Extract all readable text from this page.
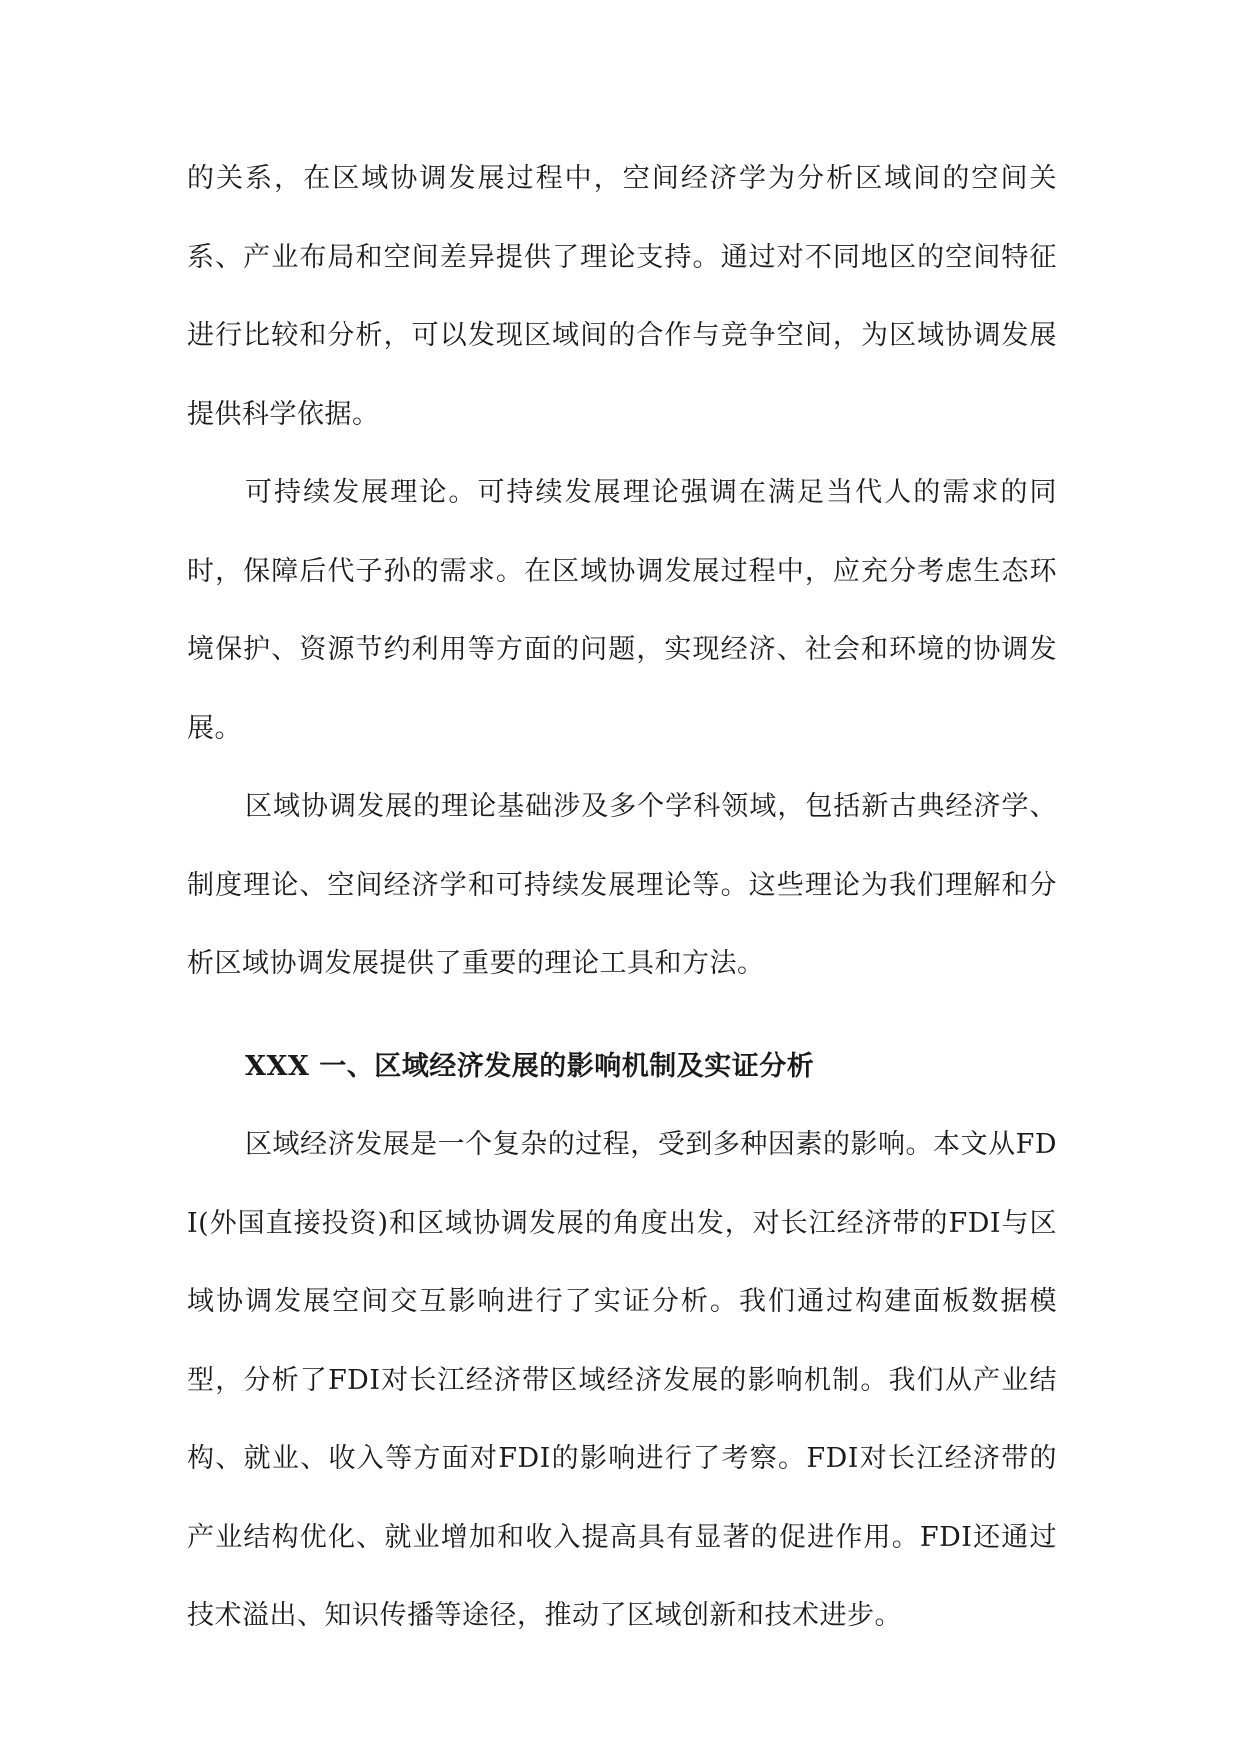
的关系，在区域协调发展过程中，空间经济学为分析区域间的空间关系、产业布局和空间差异提供了理论支持。通过对不同地区的空间特征进行比较和分析，可以发现区域间的合作与竞争空间，为区域协调发展提供科学依据。

可持续发展理论。可持续发展理论强调在满足当代人的需求的同时，保障后代子孙的需求。在区域协调发展过程中，应充分考虑生态环境保护、资源节约利用等方面的问题，实现经济、社会和环境的协调发展。

区域协调发展的理论基础涉及多个学科领域，包括新古典经济学、制度理论、空间经济学和可持续发展理论等。这些理论为我们理解和分析区域协调发展提供了重要的理论工具和方法。

XXX 一、区域经济发展的影响机制及实证分析

区域经济发展是一个复杂的过程，受到多种因素的影响。本文从FDI(外国直接投资)和区域协调发展的角度出发，对长江经济带的FDI与区域协调发展空间交互影响进行了实证分析。我们通过构建面板数据模型，分析了FDI对长江经济带区域经济发展的影响机制。我们从产业结构、就业、收入等方面对FDI的影响进行了考察。FDI对长江经济带的产业结构优化、就业增加和收入提高具有显著的促进作用。FDI还通过技术溢出、知识传播等途径，推动了区域创新和技术进步。
